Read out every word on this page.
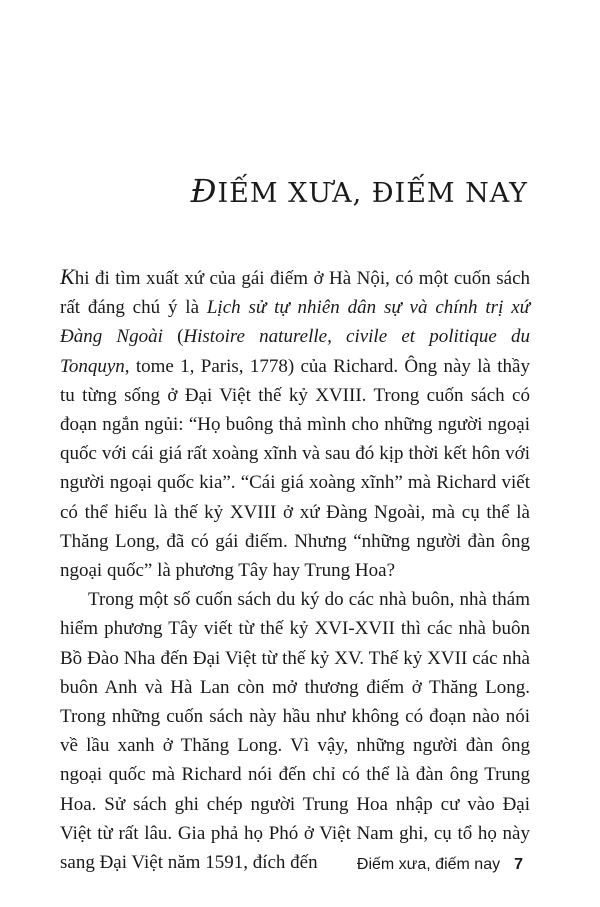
ĐIẾM XƯA, ĐIẾM NAY

Khi đi tìm xuất xứ của gái điếm ở Hà Nội, có một cuốn sách rất đáng chú ý là Lịch sử tự nhiên dân sự và chính trị xứ Đàng Ngoài (Histoire naturelle, civile et politique du Tonquyn, tome 1, Paris, 1778) của Richard. Ông này là thầy tu từng sống ở Đại Việt thế kỷ XVIII. Trong cuốn sách có đoạn ngắn ngủi: “Họ buông thả mình cho những người ngoại quốc với cái giá rất xoàng xĩnh và sau đó kịp thời kết hôn với người ngoại quốc kia”. “Cái giá xoàng xĩnh” mà Richard viết có thể hiểu là thế kỷ XVIII ở xứ Đàng Ngoài, mà cụ thể là Thăng Long, đã có gái điếm. Nhưng “những người đàn ông ngoại quốc” là phương Tây hay Trung Hoa?

Trong một số cuốn sách du ký do các nhà buôn, nhà thám hiểm phương Tây viết từ thế kỷ XVI-XVII thì các nhà buôn Bồ Đào Nha đến Đại Việt từ thế kỷ XV. Thế kỷ XVII các nhà buôn Anh và Hà Lan còn mở thương điếm ở Thăng Long. Trong những cuốn sách này hầu như không có đoạn nào nói về lầu xanh ở Thăng Long. Vì vậy, những người đàn ông ngoại quốc mà Richard nói đến chỉ có thể là đàn ông Trung Hoa. Sử sách ghi chép người Trung Hoa nhập cư vào Đại Việt từ rất lâu. Gia phả họ Phó ở Việt Nam ghi, cụ tổ họ này sang Đại Việt năm 1591, đích đến	Điếm xưa, điếm nay 7
